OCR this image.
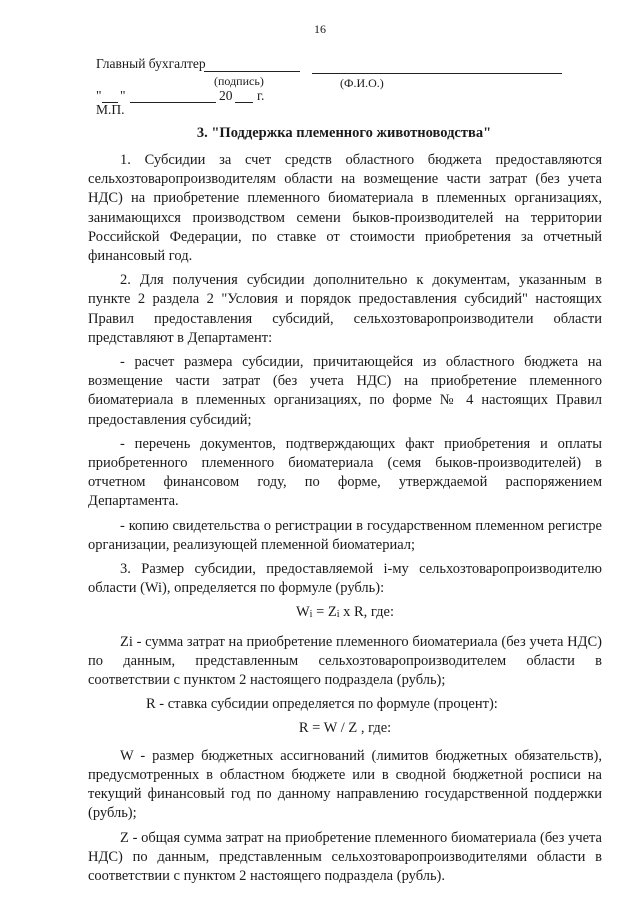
16
Главный бухгалтер
(подпись)	(Ф.И.О.)
" "	20 г.
М.П.
3. "Поддержка племенного животноводства"

1. Субсидии за счет средств областного бюджета предоставляются сельхозтоваропроизводителям области на возмещение части затрат (без учета НДС) на приобретение племенного биоматериала в племенных организациях, занимающихся производством семени быков-производителей на территории Российской Федерации, по ставке от стоимости приобретения за отчетный финансовый год.

2. Для получения субсидии дополнительно к документам, указанным в пункте 2 раздела 2 "Условия и порядок предоставления субсидий" настоящих Правил предоставления субсидий, сельхозтоваропроизводители области представляют в Департамент:

- расчет размера субсидии, причитающейся из областного бюджета на возмещение части затрат (без учета НДС) на приобретение племенного биоматериала в племенных организациях, по форме № 4 настоящих Правил предоставления субсидий;

- перечень документов, подтверждающих факт приобретения и оплаты приобретенного племенного биоматериала (семя быков-производителей) в отчетном финансовом году, по форме, утверждаемой распоряжением Департамента.

- копию свидетельства о регистрации в государственном племенном регистре организации, реализующей племенной биоматериал;

3. Размер субсидии, предоставляемой i-му сельхозтоваропроизводителю области (Wi), определяется по формуле (рубль):

$W_i = Z_i$ x R, где:

Zi - сумма затрат на приобретение племенного биоматериала (без учета НДС) по данным, представленным сельхозтоваропроизводителем области в соответствии с пунктом 2 настоящего подраздела (рубль);

R - ставка субсидии определяется по формуле (процент):

R = W / Z , где:

W - размер бюджетных ассигнований (лимитов бюджетных обязательств), предусмотренных в областном бюджете или в сводной бюджетной росписи на текущий финансовый год по данному направлению государственной поддержки (рубль);

Z - общая сумма затрат на приобретение племенного биоматериала (без учета НДС) по данным, представленным сельхозтоваропроизводителями области в соответствии с пунктом 2 настоящего подраздела (рубль).
